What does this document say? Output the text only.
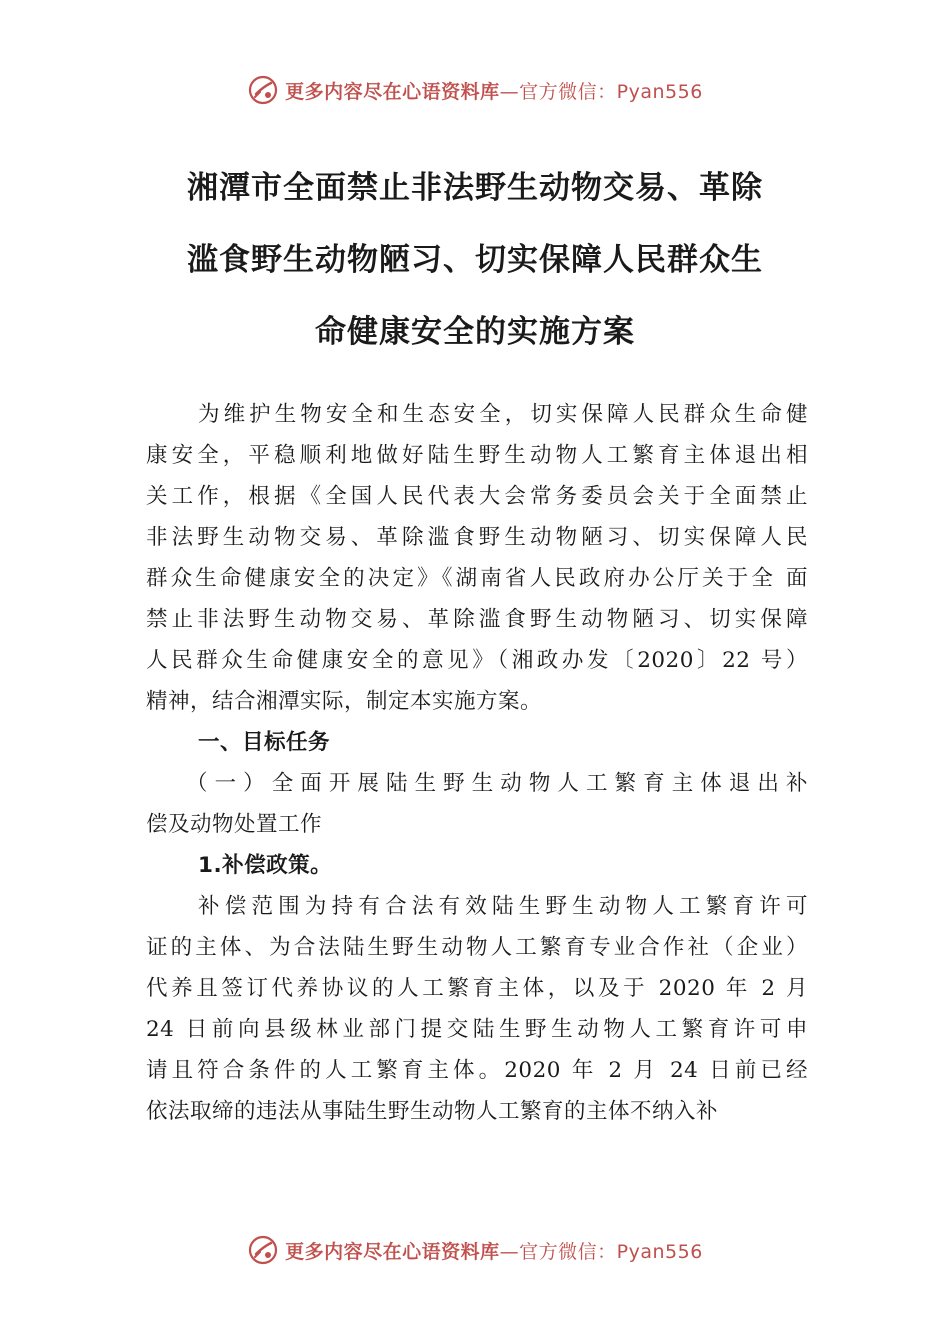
更多内容尽在心语资料库—官方微信：Pyan556
湘潭市全面禁止非法野生动物交易、革除
滥食野生动物陋习、切实保障人民群众生
命健康安全的实施方案
为维护生物安全和生态安全，切实保障人民群众生命健
康安全，平稳顺利地做好陆生野生动物人工繁育主体退出相
关工作，根据《全国人民代表大会常务委员会关于全面禁止
非法野生动物交易、革除滥食野生动物陋习、切实保障人民
群众生命健康安全的决定》《湖南省人民政府办公厅关于全 面
禁止非法野生动物交易、革除滥食野生动物陋习、切实保障
人民群众生命健康安全的意见》（湘政办发〔2020〕22 号）
精神，结合湘潭实际，制定本实施方案。
一、目标任务
（一）全面开展陆生野生动物人工繁育主体退出补
偿及动物处置工作
1.补偿政策。
补偿范围为持有合法有效陆生野生动物人工繁育许可
证的主体、为合法陆生野生动物人工繁育专业合作社（企业）
代养且签订代养协议的人工繁育主体，以及于 2020 年 2 月
24 日前向县级林业部门提交陆生野生动物人工繁育许可申
请且符合条件的人工繁育主体。2020 年 2 月 24 日前已经
依法取缔的违法从事陆生野生动物人工繁育的主体不纳入补
更多内容尽在心语资料库—官方微信：Pyan556
